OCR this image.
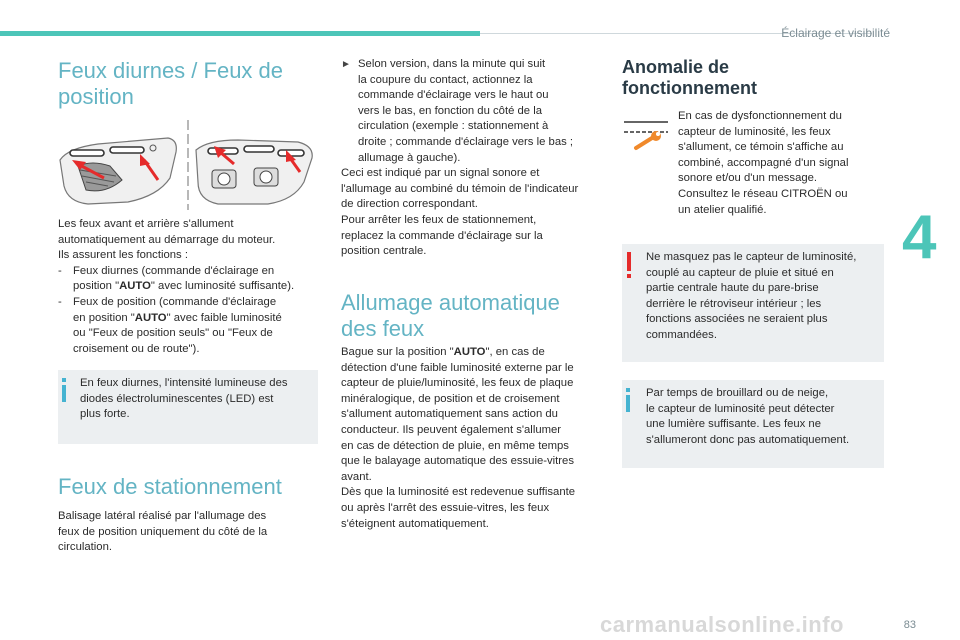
Éclairage et visibilité
4
83
carmanualsonline.info
Feux diurnes / Feux de
position

Les feux avant et arrière s'allument

automatiquement au démarrage du moteur.

Ils assurent les fonctions :

- Feux diurnes (commande d'éclairage en
position "AUTO" avec luminosité suffisante).
- Feux de position (commande d'éclairage
en position "AUTO" avec faible luminosité
ou "Feux de position seuls" ou "Feux de
croisement ou de route").
En feux diurnes, l'intensité lumineuse des
diodes électroluminescentes (LED) est
plus forte.
Feux de stationnement

Balisage latéral réalisé par l'allumage des

feux de position uniquement du côté de la

circulation.

► Selon version, dans la minute qui suit
la coupure du contact, actionnez la
commande d'éclairage vers le haut ou
vers le bas, en fonction du côté de la
circulation (exemple : stationnement à
droite ; commande d'éclairage vers le bas ;
allumage à gauche).

Ceci est indiqué par un signal sonore et

l'allumage au combiné du témoin de l'indicateur

de direction correspondant.

Pour arrêter les feux de stationnement,

replacez la commande d'éclairage sur la

position centrale.

Allumage automatique
des feux

Bague sur la position "AUTO", en cas de

détection d'une faible luminosité externe par le

capteur de pluie/luminosité, les feux de plaque

minéralogique, de position et de croisement

s'allument automatiquement sans action du

conducteur. Ils peuvent également s'allumer

en cas de détection de pluie, en même temps

que le balayage automatique des essuie-vitres

avant.

Dès que la luminosité est redevenue suffisante

ou après l'arrêt des essuie-vitres, les feux

s'éteignent automatiquement.

Anomalie de
fonctionnement

En cas de dysfonctionnement du

capteur de luminosité, les feux

s'allument, ce témoin s'affiche au

combiné, accompagné d'un signal

sonore et/ou d'un message.

Consultez le réseau CITROËN ou

un atelier qualifié.

Ne masquez pas le capteur de luminosité,
couplé au capteur de pluie et situé en
partie centrale haute du pare-brise
derrière le rétroviseur intérieur ; les
fonctions associées ne seraient plus
commandées.
Par temps de brouillard ou de neige,
le capteur de luminosité peut détecter
une lumière suffisante. Les feux ne
s'allumeront donc pas automatiquement.
